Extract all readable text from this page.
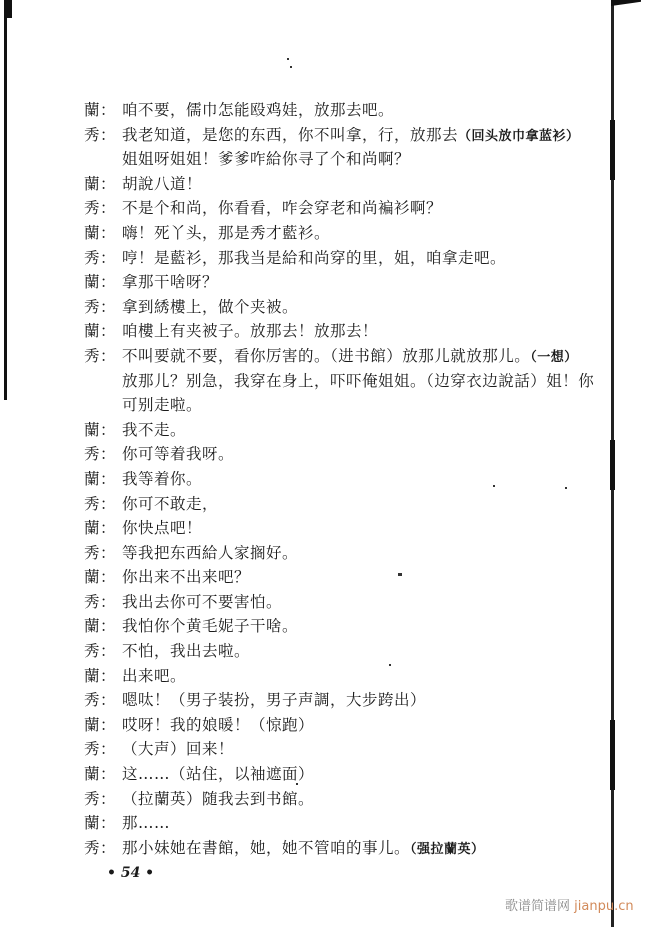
蘭： 咱不要，儒巾怎能殴鸡娃，放那去吧。
秀： 我老知道，是您的东西，你不叫拿，行，放那去（回头放巾拿蓝衫）
姐姐呀姐姐！爹爹咋給你寻了个和尚啊？
蘭： 胡說八道！
秀： 不是个和尚，你看看，咋会穿老和尚褊衫啊？
蘭： 嗨！死丫头，那是秀才藍衫。
秀： 哼！是藍衫，那我当是給和尚穿的里，姐，咱拿走吧。
蘭： 拿那干啥呀？
秀： 拿到綉樓上，做个夹被。
蘭： 咱樓上有夹被子。放那去！放那去！
秀： 不叫要就不要，看你厉害的。（进书館）放那儿就放那儿。（一想）
放那儿？别急，我穿在身上，吓吓俺姐姐。（边穿衣边說話）姐！你
可别走啦。
蘭： 我不走。
秀： 你可等着我呀。
蘭： 我等着你。
秀： 你可不敢走，
蘭： 你快点吧！
秀： 等我把东西給人家搁好。
蘭： 你出来不出来吧？
秀： 我出去你可不要害怕。
蘭： 我怕你个黄毛妮子干啥。
秀： 不怕，我出去啦。
蘭： 出来吧。
秀： 嗯呔！（男子装扮，男子声調，大步跨出）
蘭： 哎呀！我的娘暖！（惊跑）
秀： （大声）回来！
蘭： 这……（站住，以袖遮面）
秀： （拉蘭英）随我去到书館。
蘭： 那……
秀： 那小妹她在書館，她，她不管咱的事儿。（强拉蘭英）
• 54 •
歌谱简谱网 jianpu.cn
